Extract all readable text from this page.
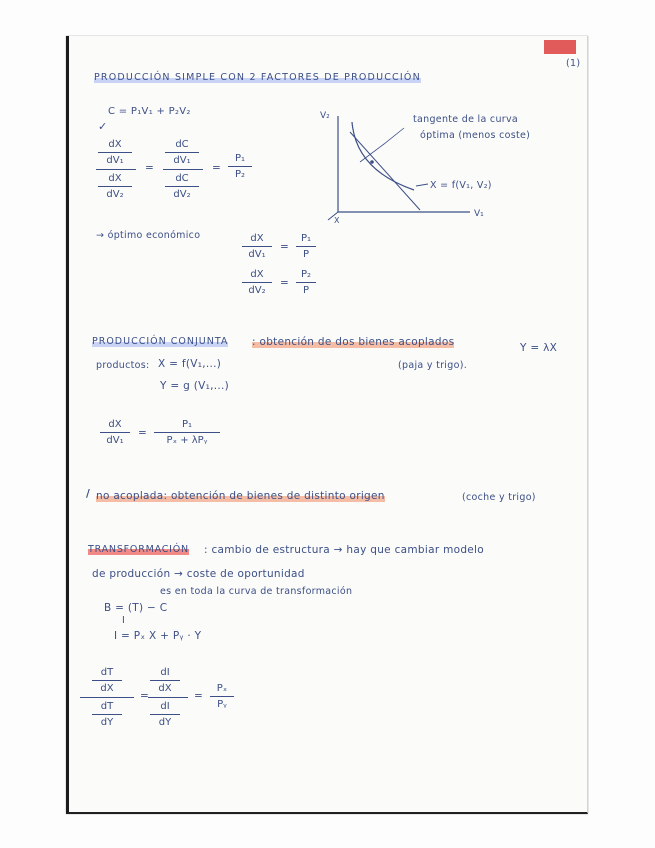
(1)
PRODUCCIÓN SIMPLE CON 2 FACTORES DE PRODUCCIÓN
C = P₁V₁ + P₂V₂
✓
dX
dV₁
dX
dV₂
=
dC
dV₁
dC
dV₂
=
P₁
P₂
V₂
V₁
X
tangente de la curva
óptima (menos coste)
X = f(V₁, V₂)
→ óptimo económico	dX
dV₁
=
P₁
P
dX
dV₂
=
P₂
P
PRODUCCIÓN CONJUNTA : obtención de dos bienes acoplados	Y = λX
productos: X = f(V₁,...)	(paja y trigo).
Y = g (V₁,...)
dX
dV₁
=
P₁
Pₓ + λPᵧ
/ no acoplada: obtención de bienes de distinto origen	(coche y trigo)
TRANSFORMACIÓN : cambio de estructura → hay que cambiar modelo
de producción → coste de oportunidad
es en toda la curva de transformación
B = (T) − C
I
I = Pₓ X + Pᵧ · Y
dT
dX
dT
dY
=
dI
dX
dI
dY
=
Pₓ
Pᵧ
